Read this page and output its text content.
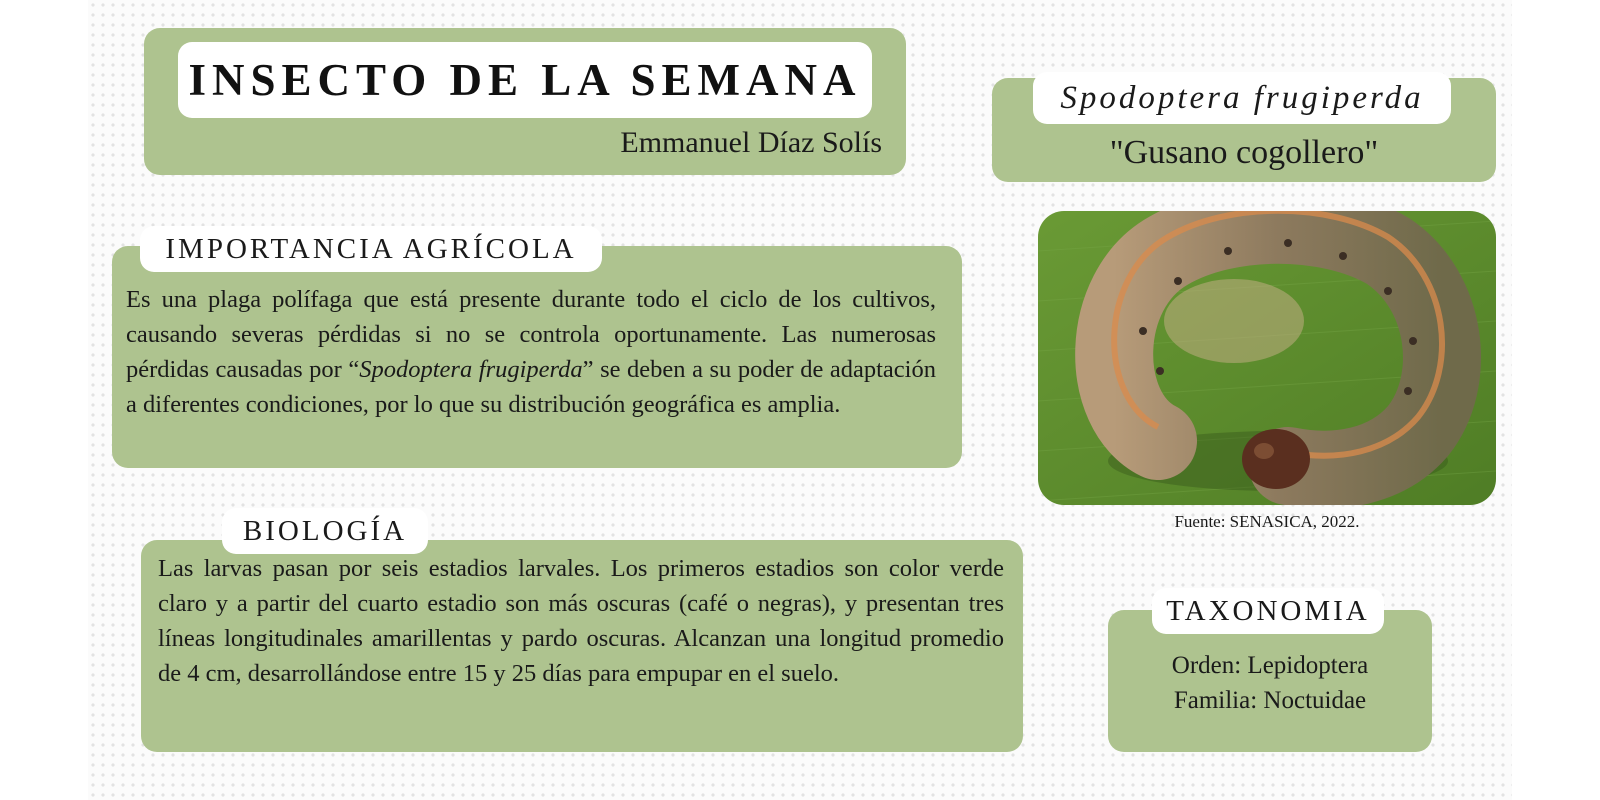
INSECTO DE LA SEMANA
Emmanuel Díaz Solís
Spodoptera frugiperda
"Gusano cogollero"
IMPORTANCIA AGRÍCOLA
Es una plaga polífaga que está presente durante todo el ciclo de los cultivos, causando severas pérdidas si no se controla oportunamente. Las numerosas pérdidas causadas por “Spodoptera frugiperda” se deben a su poder de adaptación a diferentes condiciones, por lo que su distribución geográfica es amplia.
BIOLOGÍA
Las larvas pasan por seis estadios larvales. Los primeros estadios son color verde claro y a partir del cuarto estadio son más oscuras (café o negras), y presentan tres líneas longitudinales amarillentas y pardo oscuras. Alcanzan una longitud promedio de 4 cm, desarrollándose entre 15 y 25 días para empupar en el suelo.
Fuente: SENASICA, 2022.
TAXONOMIA
Orden: Lepidoptera
Familia: Noctuidae
